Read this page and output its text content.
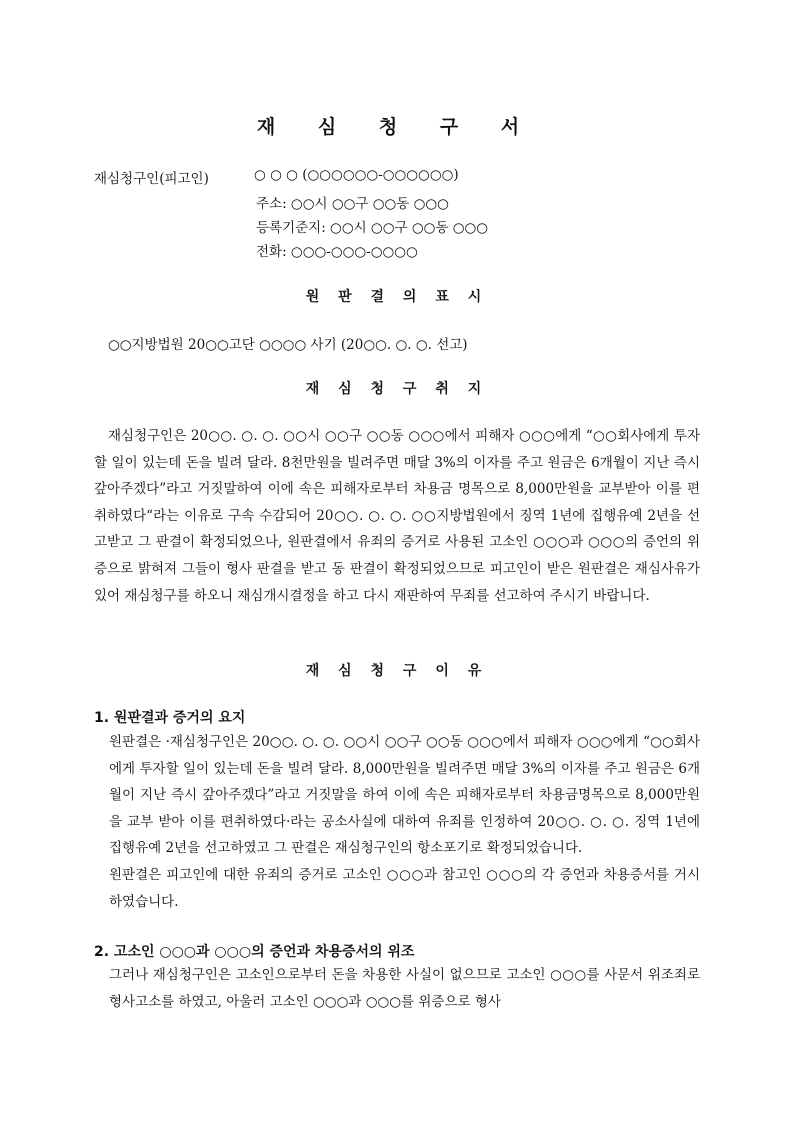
재 심 청 구 서
재심청구인(피고인)	○ ○ ○ (○○○○○○-○○○○○○)
주소: ○○시 ○○구 ○○동 ○○○
등록기준지: ○○시 ○○구 ○○동 ○○○
전화: ○○○-○○○-○○○○
원 판 결 의 표 시
○○지방법원 20○○고단 ○○○○ 사기 (20○○. ○. ○. 선고)
재 심 청 구 취 지

재심청구인은 20○○. ○. ○. ○○시 ○○구 ○○동 ○○○에서 피해자 ○○○에게 “○○회사에게 투자할 일이 있는데 돈을 빌려 달라. 8천만원을 빌려주면 매달 3%의 이자를 주고 원금은 6개월이 지난 즉시 갚아주겠다”라고 거짓말하여 이에 속은 피해자로부터 차용금 명목으로 8,000만원을 교부받아 이를 편취하였다“라는 이유로 구속 수감되어 20○○. ○. ○. ○○지방법원에서 징역 1년에 집행유예 2년을 선고받고 그 판결이 확정되었으나, 원판결에서 유죄의 증거로 사용된 고소인 ○○○과 ○○○의 증언의 위증으로 밝혀져 그들이 형사 판결을 받고 동 판결이 확정되었으므로 피고인이 받은 원판결은 재심사유가 있어 재심청구를 하오니 재심개시결정을 하고 다시 재판하여 무죄를 선고하여 주시기 바랍니다.

재 심 청 구 이 유
1. 원판결과 증거의 요지

원판결은 ·재심청구인은 20○○. ○. ○. ○○시 ○○구 ○○동 ○○○에서 피해자 ○○○에게 “○○회사에게 투자할 일이 있는데 돈을 빌려 달라. 8,000만원을 빌려주면 매달 3%의 이자를 주고 원금은 6개월이 지난 즉시 갚아주겠다”라고 거짓말을 하여 이에 속은 피해자로부터 차용금명목으로 8,000만원을 교부 받아 이를 편취하였다·라는 공소사실에 대하여 유죄를 인정하여 20○○. ○. ○. 징역 1년에 집행유예 2년을 선고하였고 그 판결은 재심청구인의 항소포기로 확정되었습니다.

원판결은 피고인에 대한 유죄의 증거로 고소인 ○○○과 참고인 ○○○의 각 증언과 차용증서를 거시하였습니다.

2. 고소인 ○○○과 ○○○의 증언과 차용증서의 위조

그러나 재심청구인은 고소인으로부터 돈을 차용한 사실이 없으므로 고소인 ○○○를 사문서 위조죄로 형사고소를 하였고, 아울러 고소인 ○○○과 ○○○를 위증으로 형사
